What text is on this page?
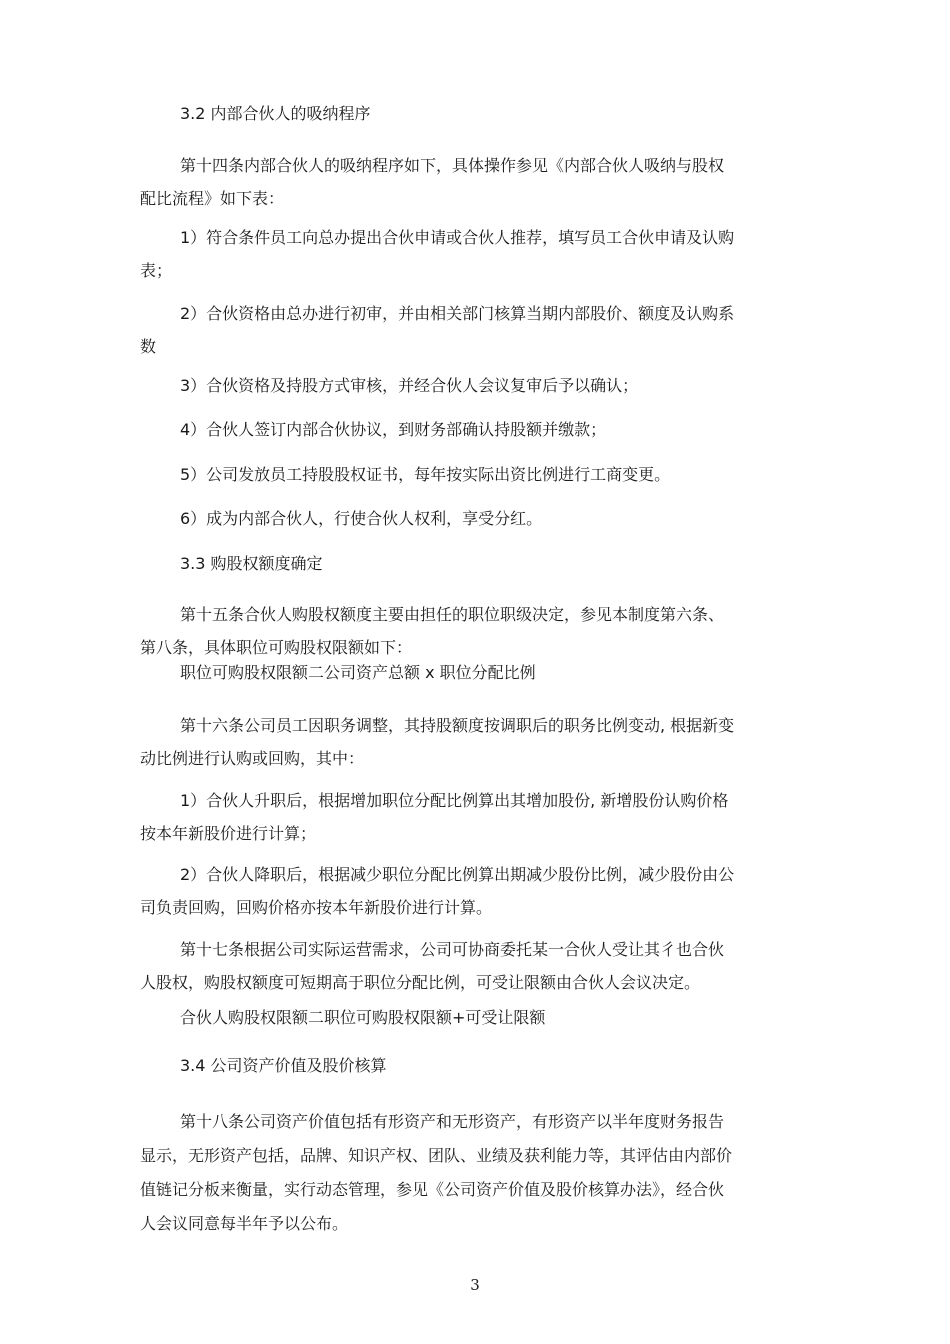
3.2 内部合伙人的吸纳程序

第十四条内部合伙人的吸纳程序如下，具体操作参见《内部合伙人吸纳与股权
配比流程》如下表：
1）符合条件员工向总办提出合伙申请或合伙人推荐，填写员工合伙申请及认购
表；
2）合伙资格由总办进行初审，并由相关部门核算当期内部股价、额度及认购系
数

3）合伙资格及持股方式审核，并经合伙人会议复审后予以确认；

4）合伙人签订内部合伙协议，到财务部确认持股额并缴款；

5）公司发放员工持股股权证书，每年按实际出资比例进行工商变更。

6）成为内部合伙人，行使合伙人权利，享受分红。

3.3 购股权额度确定

第十五条合伙人购股权额度主要由担任的职位职级决定，参见本制度第六条、
第八条，具体职位可购股权限额如下：

职位可购股权限额二公司资产总额 x 职位分配比例

第十六条公司员工因职务调整，其持股额度按调职后的职务比例变动, 根据新变
动比例进行认购或回购，其中：
1）合伙人升职后，根据增加职位分配比例算出其增加股份, 新增股份认购价格
按本年新股价进行计算；
2）合伙人降职后，根据减少职位分配比例算出期减少股份比例，减少股份由公
司负责回购，回购价格亦按本年新股价进行计算。
第十七条根据公司实际运营需求，公司可协商委托某一合伙人受让其彳也合伙
人股权，购股权额度可短期高于职位分配比例，可受让限额由合伙人会议决定。

合伙人购股权限额二职位可购股权限额+可受让限额

3.4 公司资产价值及股价核算

第十八条公司资产价值包括有形资产和无形资产，有形资产以半年度财务报告
显示，无形资产包括，品牌、知识产权、团队、业绩及获利能力等，其评估由内部价
值链记分板来衡量，实行动态管理，参见《公司资产价值及股价核算办法》，经合伙
人会议同意每半年予以公布。
3
